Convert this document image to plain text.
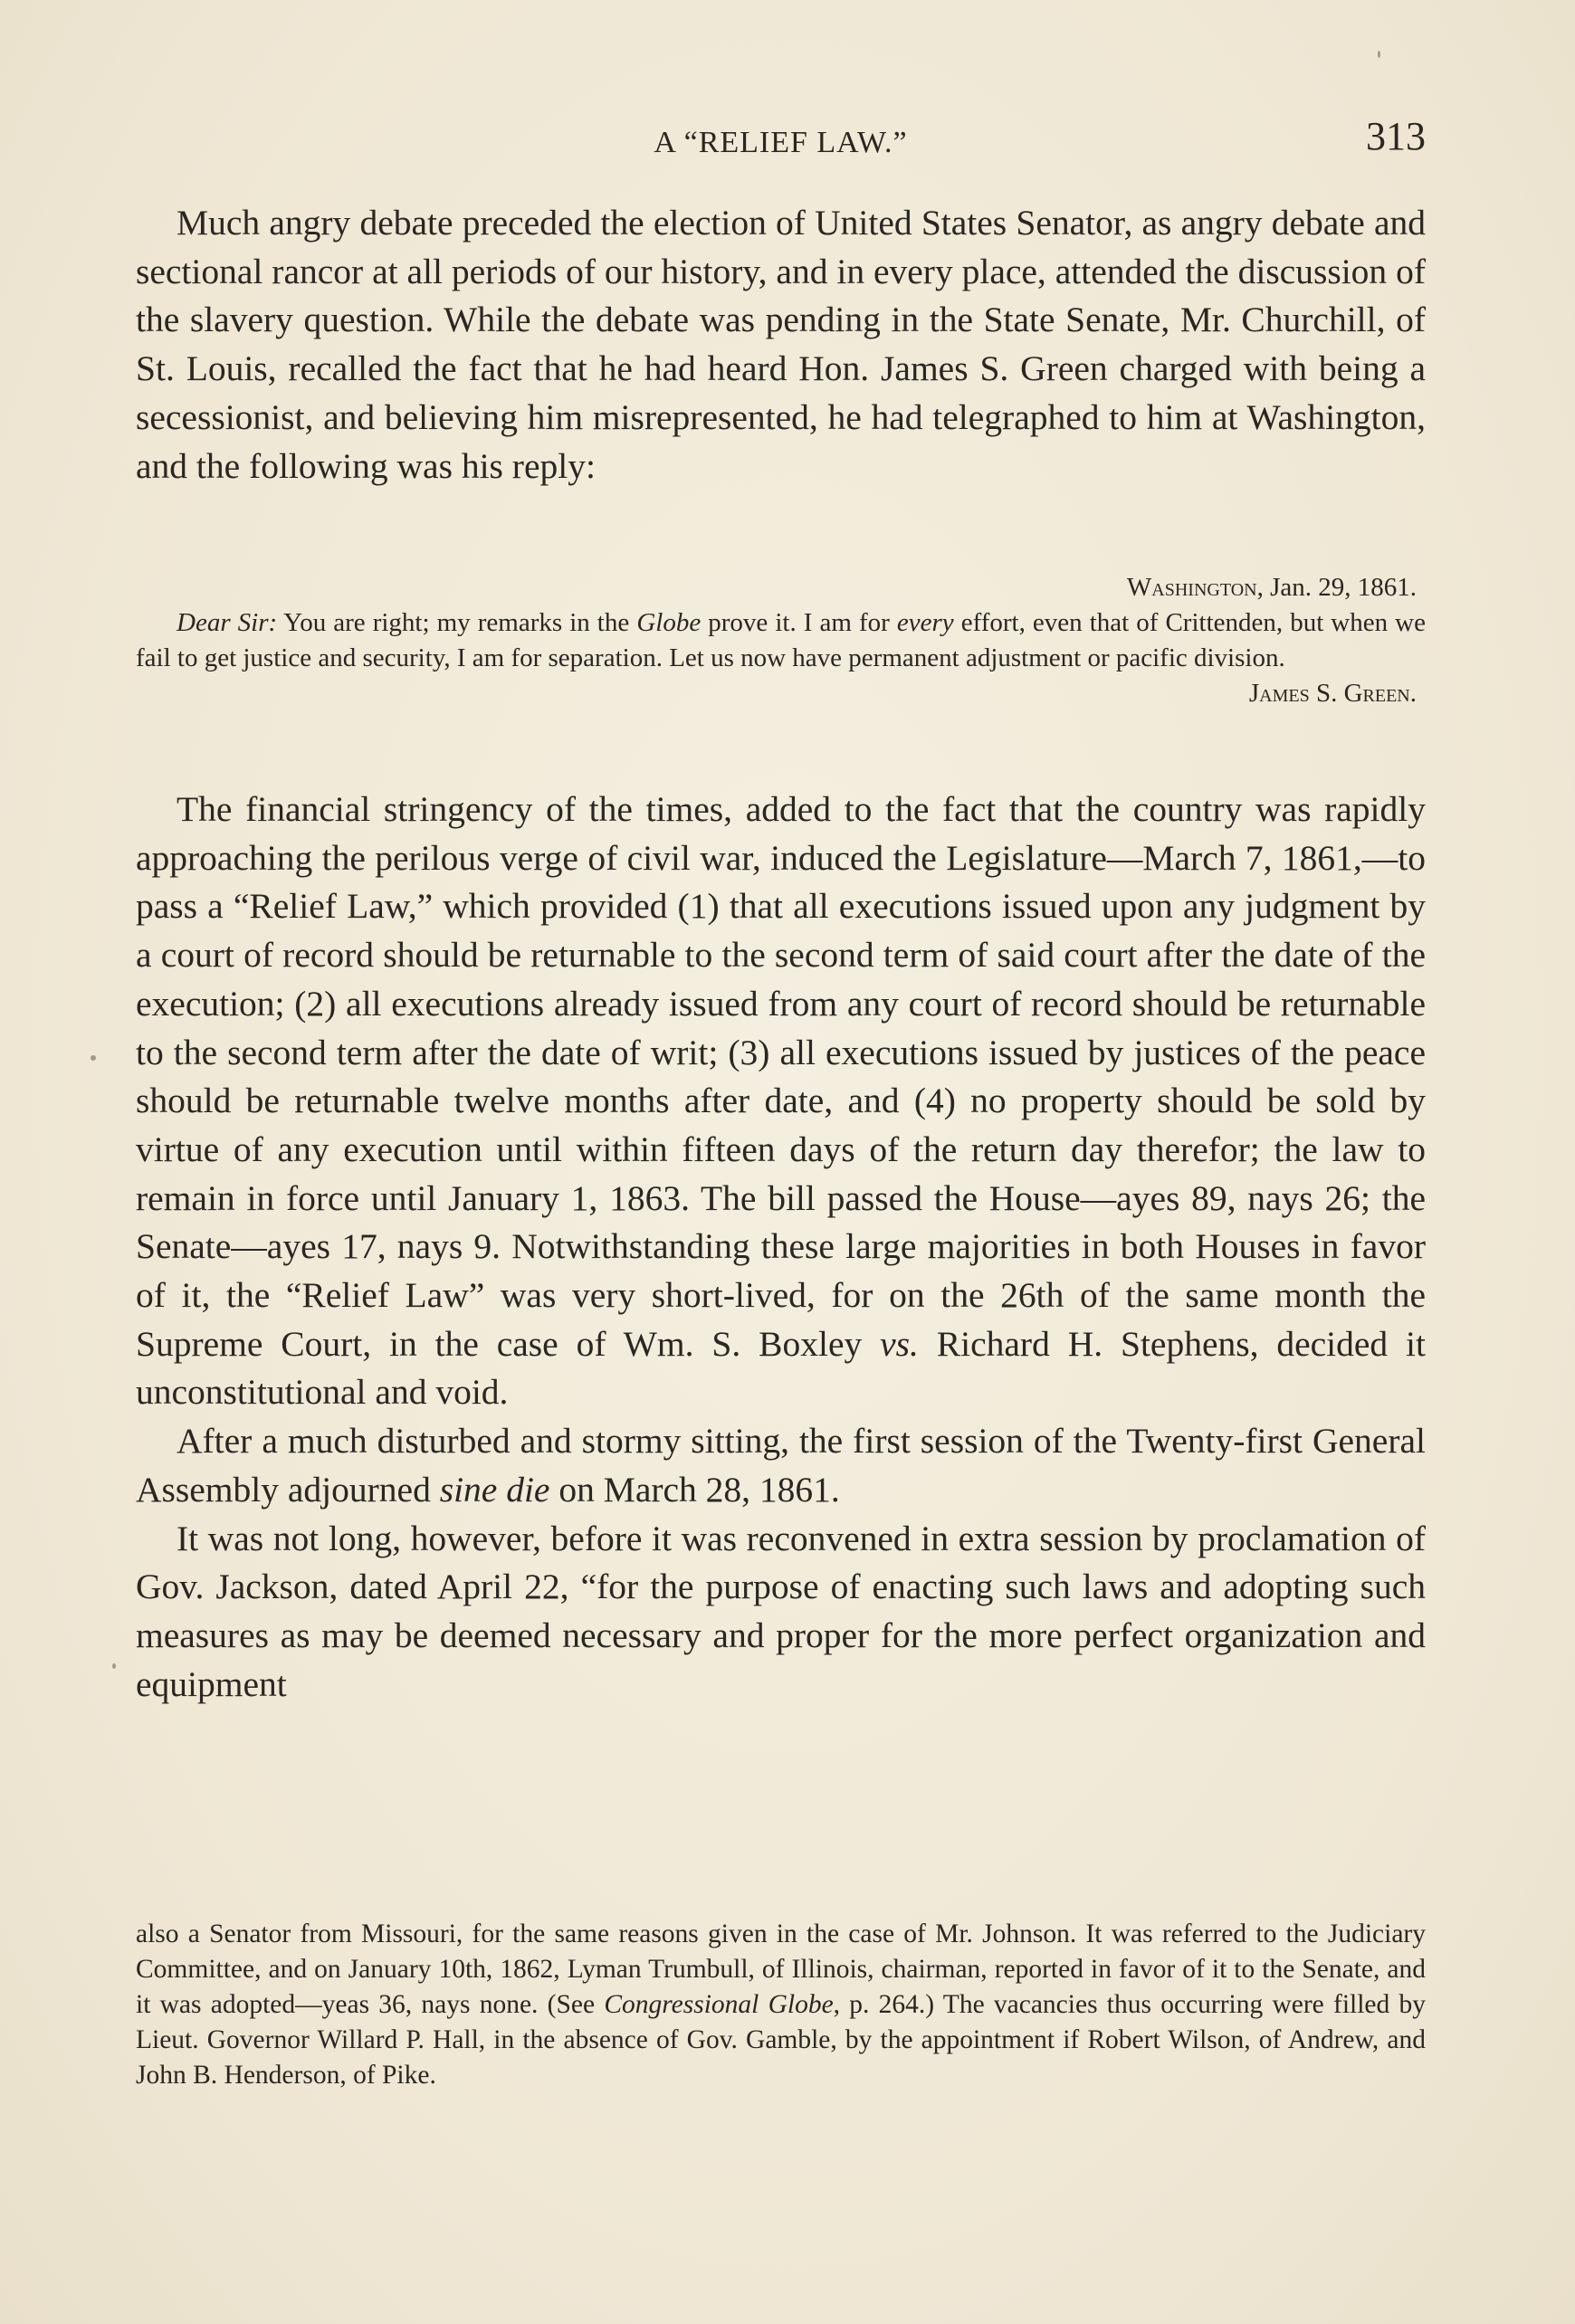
A “RELIEF LAW.”	313

Much angry debate preceded the election of United States Senator, as angry debate and sectional rancor at all periods of our history, and in every place, attended the discussion of the slavery question. While the debate was pending in the State Senate, Mr. Churchill, of St. Louis, recalled the fact that he had heard Hon. James S. Green charged with being a secessionist, and believing him misrepresented, he had telegraphed to him at Washington, and the following was his reply:

Washington, Jan. 29, 1861.

Dear Sir: You are right; my remarks in the Globe prove it. I am for every effort, even that of Crittenden, but when we fail to get justice and security, I am for separation. Let us now have permanent adjustment or pacific division.

James S. Green.

The financial stringency of the times, added to the fact that the country was rapidly approaching the perilous verge of civil war, induced the Legislature—March 7, 1861,—to pass a “Relief Law,” which provided (1) that all executions issued upon any judgment by a court of record should be returnable to the second term of said court after the date of the execution; (2) all executions already issued from any court of record should be returnable to the second term after the date of writ; (3) all executions issued by justices of the peace should be returnable twelve months after date, and (4) no property should be sold by virtue of any execution until within fifteen days of the return day therefor; the law to remain in force until January 1, 1863. The bill passed the House—ayes 89, nays 26; the Senate—ayes 17, nays 9. Notwithstanding these large majorities in both Houses in favor of it, the “Relief Law” was very short-lived, for on the 26th of the same month the Supreme Court, in the case of Wm. S. Boxley vs. Richard H. Stephens, decided it unconstitutional and void.

After a much disturbed and stormy sitting, the first session of the Twenty-first General Assembly adjourned sine die on March 28, 1861.

It was not long, however, before it was reconvened in extra session by proclamation of Gov. Jackson, dated April 22, “for the purpose of enacting such laws and adopting such measures as may be deemed necessary and proper for the more perfect organization and equipment

also a Senator from Missouri, for the same reasons given in the case of Mr. Johnson. It was referred to the Judiciary Committee, and on January 10th, 1862, Lyman Trumbull, of Illinois, chairman, reported in favor of it to the Senate, and it was adopted—yeas 36, nays none. (See Congressional Globe, p. 264.) The vacancies thus occurring were filled by Lieut. Governor Willard P. Hall, in the absence of Gov. Gamble, by the appointment if Robert Wilson, of Andrew, and John B. Henderson, of Pike.
